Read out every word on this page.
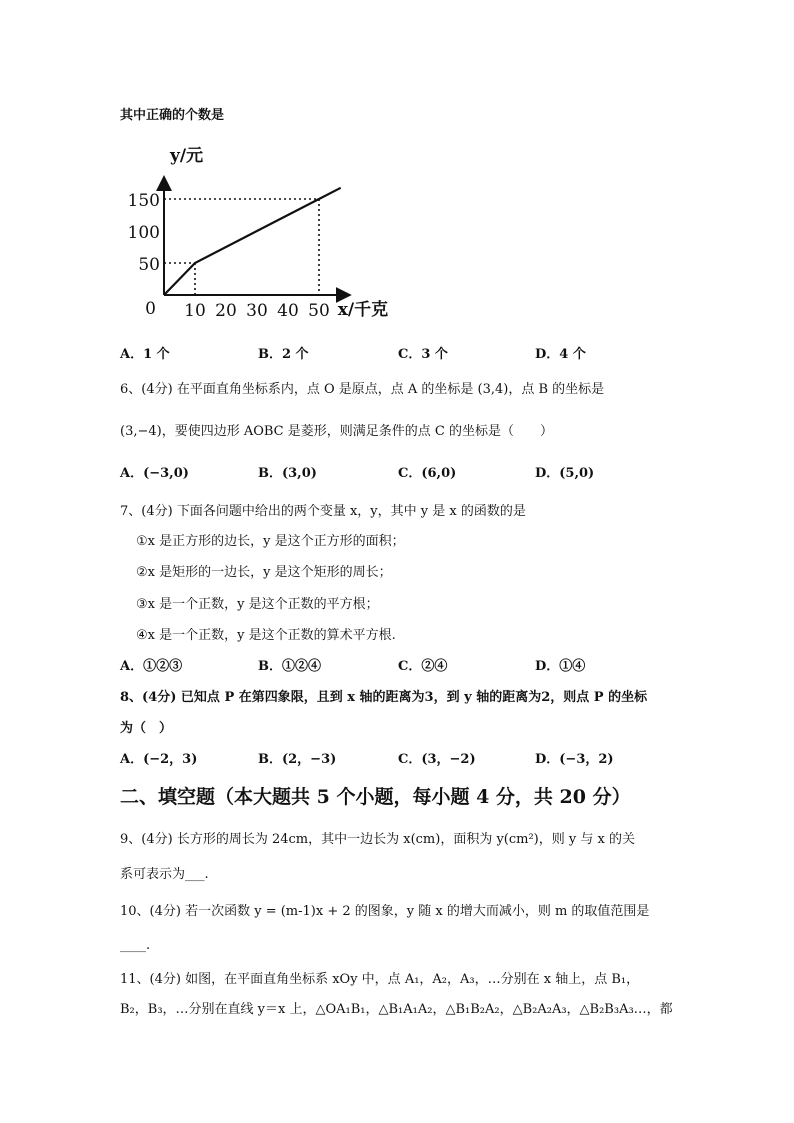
其中正确的个数是
10 20 30 40 50
50
100
150
0
y/元
x/千克
A．1 个	B．2 个	C．3 个	D．4 个
6、(4分) 在平面直角坐标系内，点 O 是原点，点 A 的坐标是 (3,4)，点 B 的坐标是
(3,−4)，要使四边形 AOBC 是菱形，则满足条件的点 C 的坐标是（　　）
A．(−3,0)	B．(3,0)	C．(6,0)	D．(5,0)
7、(4分) 下面各问题中给出的两个变量 x，y，其中 y 是 x 的函数的是
①x 是正方形的边长，y 是这个正方形的面积；
②x 是矩形的一边长，y 是这个矩形的周长；
③x 是一个正数，y 是这个正数的平方根；
④x 是一个正数，y 是这个正数的算术平方根.
A．①②③	B．①②④	C．②④	D．①④
8、(4分) 已知点 P 在第四象限，且到 x 轴的距离为3，到 y 轴的距离为2，则点 P 的坐标
为（　）
A．(−2，3)	B．(2，−3)	C．(3，−2)	D．(−3，2)
二、填空题（本大题共 5 个小题，每小题 4 分，共 20 分）
9、(4分) 长方形的周长为 24cm，其中一边长为 x(cm)，面积为 y(cm²)，则 y 与 x 的关
系可表示为___.
10、(4分) 若一次函数 y = (m-1)x + 2 的图象，y 随 x 的增大而减小，则 m 的取值范围是
____.
11、(4分) 如图，在平面直角坐标系 xOy 中，点 A₁，A₂，A₃，…分别在 x 轴上，点 B₁，
B₂，B₃，…分别在直线 y＝x 上，△OA₁B₁，△B₁A₁A₂，△B₁B₂A₂，△B₂A₂A₃，△B₂B₃A₃…，都
